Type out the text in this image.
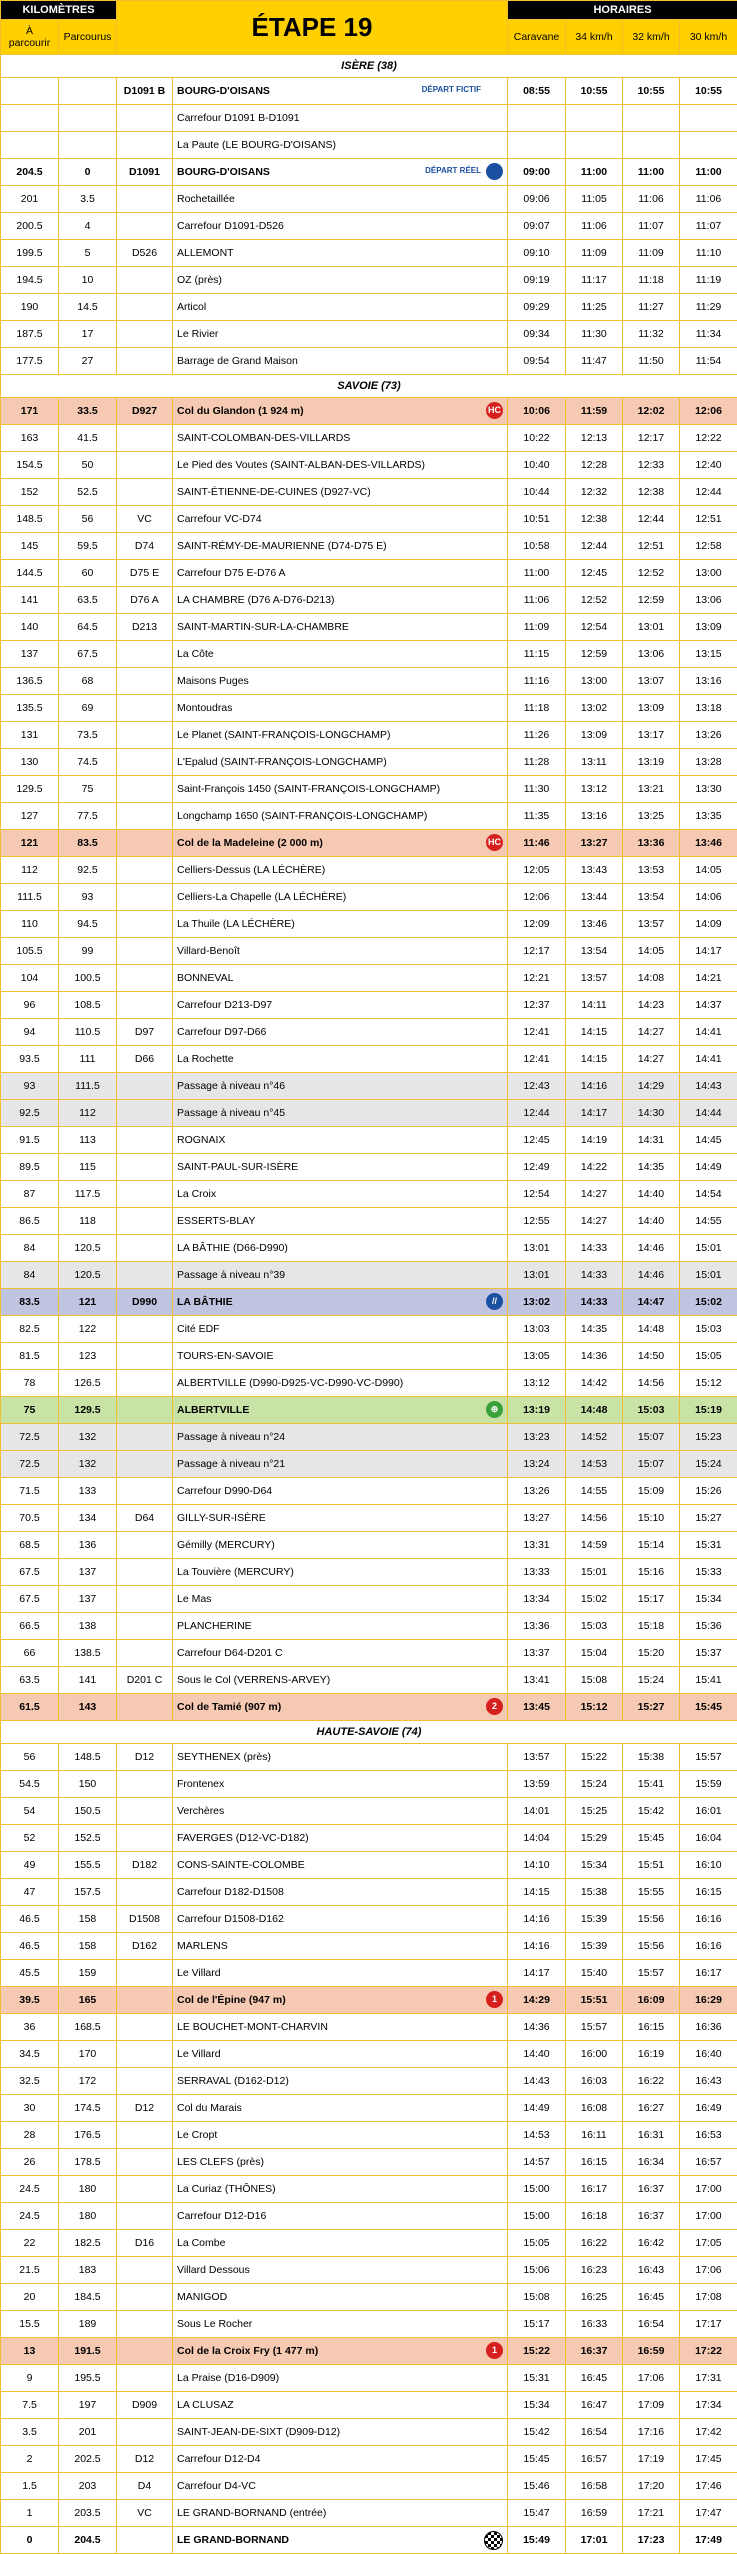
KILOMÈTRES		ÉTAPE 19		HORAIRES			
À parcourir	Parcourus			Caravane	34 km/h	32 km/h	30 km/h
ISÈRE (38)							
		D1091 B	BOURG-D'OISANS DÉPART FICTIF	08:55	10:55	10:55	10:55
			Carrefour D1091 B-D1091				
			La Paute (LE BOURG-D'OISANS)				
204.5	0	D1091	BOURG-D'OISANS DÉPART RÉEL	09:00	11:00	11:00	11:00
201	3.5		Rochetaillée	09:06	11:05	11:06	11:06
200.5	4		Carrefour D1091-D526	09:07	11:06	11:07	11:07
199.5	5	D526	ALLEMONT	09:10	11:09	11:09	11:10
194.5	10		OZ (près)	09:19	11:17	11:18	11:19
190	14.5		Articol	09:29	11:25	11:27	11:29
187.5	17		Le Rivier	09:34	11:30	11:32	11:34
177.5	27		Barrage de Grand Maison	09:54	11:47	11:50	11:54
SAVOIE (73)							
171	33.5	D927	Col du Glandon (1 924 m) HC	10:06	11:59	12:02	12:06
163	41.5		SAINT-COLOMBAN-DES-VILLARDS	10:22	12:13	12:17	12:22
154.5	50		Le Pied des Voutes (SAINT-ALBAN-DES-VILLARDS)	10:40	12:28	12:33	12:40
152	52.5		SAINT-ÉTIENNE-DE-CUINES (D927-VC)	10:44	12:32	12:38	12:44
148.5	56	VC	Carrefour VC-D74	10:51	12:38	12:44	12:51
145	59.5	D74	SAINT-RÉMY-DE-MAURIENNE (D74-D75 E)	10:58	12:44	12:51	12:58
144.5	60	D75 E	Carrefour D75 E-D76 A	11:00	12:45	12:52	13:00
141	63.5	D76 A	LA CHAMBRE (D76 A-D76-D213)	11:06	12:52	12:59	13:06
140	64.5	D213	SAINT-MARTIN-SUR-LA-CHAMBRE	11:09	12:54	13:01	13:09
137	67.5		La Côte	11:15	12:59	13:06	13:15
136.5	68		Maisons Puges	11:16	13:00	13:07	13:16
135.5	69		Montoudras	11:18	13:02	13:09	13:18
131	73.5		Le Planet (SAINT-FRANÇOIS-LONGCHAMP)	11:26	13:09	13:17	13:26
130	74.5		L'Epalud (SAINT-FRANÇOIS-LONGCHAMP)	11:28	13:11	13:19	13:28
129.5	75		Saint-François 1450 (SAINT-FRANÇOIS-LONGCHAMP)	11:30	13:12	13:21	13:30
127	77.5		Longchamp 1650 (SAINT-FRANÇOIS-LONGCHAMP)	11:35	13:16	13:25	13:35
121	83.5		Col de la Madeleine (2 000 m) HC	11:46	13:27	13:36	13:46
112	92.5		Celliers-Dessus (LA LÉCHÈRE)	12:05	13:43	13:53	14:05
111.5	93		Celliers-La Chapelle (LA LÉCHÈRE)	12:06	13:44	13:54	14:06
110	94.5		La Thuile (LA LÉCHÈRE)	12:09	13:46	13:57	14:09
105.5	99		Villard-Benoît	12:17	13:54	14:05	14:17
104	100.5		BONNEVAL	12:21	13:57	14:08	14:21
96	108.5		Carrefour D213-D97	12:37	14:11	14:23	14:37
94	110.5	D97	Carrefour D97-D66	12:41	14:15	14:27	14:41
93.5	111	D66	La Rochette	12:41	14:15	14:27	14:41
93	111.5		Passage à niveau n°46	12:43	14:16	14:29	14:43
92.5	112		Passage à niveau n°45	12:44	14:17	14:30	14:44
91.5	113		ROGNAIX	12:45	14:19	14:31	14:45
89.5	115		SAINT-PAUL-SUR-ISÈRE	12:49	14:22	14:35	14:49
87	117.5		La Croix	12:54	14:27	14:40	14:54
86.5	118		ESSERTS-BLAY	12:55	14:27	14:40	14:55
84	120.5		LA BÂTHIE (D66-D990)	13:01	14:33	14:46	15:01
84	120.5		Passage à niveau n°39	13:01	14:33	14:46	15:01
83.5	121	D990	LA BÂTHIE //	13:02	14:33	14:47	15:02
82.5	122		Cité EDF	13:03	14:35	14:48	15:03
81.5	123		TOURS-EN-SAVOIE	13:05	14:36	14:50	15:05
78	126.5		ALBERTVILLE (D990-D925-VC-D990-VC-D990)	13:12	14:42	14:56	15:12
75	129.5		ALBERTVILLE ⊕	13:19	14:48	15:03	15:19
72.5	132		Passage à niveau n°24	13:23	14:52	15:07	15:23
72.5	132		Passage à niveau n°21	13:24	14:53	15:07	15:24
71.5	133		Carrefour D990-D64	13:26	14:55	15:09	15:26
70.5	134	D64	GILLY-SUR-ISÈRE	13:27	14:56	15:10	15:27
68.5	136		Gémilly (MERCURY)	13:31	14:59	15:14	15:31
67.5	137		La Touvière (MERCURY)	13:33	15:01	15:16	15:33
67.5	137		Le Mas	13:34	15:02	15:17	15:34
66.5	138		PLANCHERINE	13:36	15:03	15:18	15:36
66	138.5		Carrefour D64-D201 C	13:37	15:04	15:20	15:37
63.5	141	D201 C	Sous le Col (VERRENS-ARVEY)	13:41	15:08	15:24	15:41
61.5	143		Col de Tamié (907 m) 2	13:45	15:12	15:27	15:45
HAUTE-SAVOIE (74)							
56	148.5	D12	SEYTHENEX (près)	13:57	15:22	15:38	15:57
54.5	150		Frontenex	13:59	15:24	15:41	15:59
54	150.5		Verchères	14:01	15:25	15:42	16:01
52	152.5		FAVERGES (D12-VC-D182)	14:04	15:29	15:45	16:04
49	155.5	D182	CONS-SAINTE-COLOMBE	14:10	15:34	15:51	16:10
47	157.5		Carrefour D182-D1508	14:15	15:38	15:55	16:15
46.5	158	D1508	Carrefour D1508-D162	14:16	15:39	15:56	16:16
46.5	158	D162	MARLENS	14:16	15:39	15:56	16:16
45.5	159		Le Villard	14:17	15:40	15:57	16:17
39.5	165		Col de l'Épine (947 m) 1	14:29	15:51	16:09	16:29
36	168.5		LE BOUCHET-MONT-CHARVIN	14:36	15:57	16:15	16:36
34.5	170		Le Villard	14:40	16:00	16:19	16:40
32.5	172		SERRAVAL (D162-D12)	14:43	16:03	16:22	16:43
30	174.5	D12	Col du Marais	14:49	16:08	16:27	16:49
28	176.5		Le Cropt	14:53	16:11	16:31	16:53
26	178.5		LES CLEFS (près)	14:57	16:15	16:34	16:57
24.5	180		La Curiaz (THÔNES)	15:00	16:17	16:37	17:00
24.5	180		Carrefour D12-D16	15:00	16:18	16:37	17:00
22	182.5	D16	La Combe	15:05	16:22	16:42	17:05
21.5	183		Villard Dessous	15:06	16:23	16:43	17:06
20	184.5		MANIGOD	15:08	16:25	16:45	17:08
15.5	189		Sous Le Rocher	15:17	16:33	16:54	17:17
13	191.5		Col de la Croix Fry (1 477 m) 1	15:22	16:37	16:59	17:22
9	195.5		La Praise (D16-D909)	15:31	16:45	17:06	17:31
7.5	197	D909	LA CLUSAZ	15:34	16:47	17:09	17:34
3.5	201		SAINT-JEAN-DE-SIXT (D909-D12)	15:42	16:54	17:16	17:42
2	202.5	D12	Carrefour D12-D4	15:45	16:57	17:19	17:45
1.5	203	D4	Carrefour D4-VC	15:46	16:58	17:20	17:46
1	203.5	VC	LE GRAND-BORNAND (entrée)	15:47	16:59	17:21	17:47
0	204.5		LE GRAND-BORNAND	15:49	17:01	17:23	17:49
